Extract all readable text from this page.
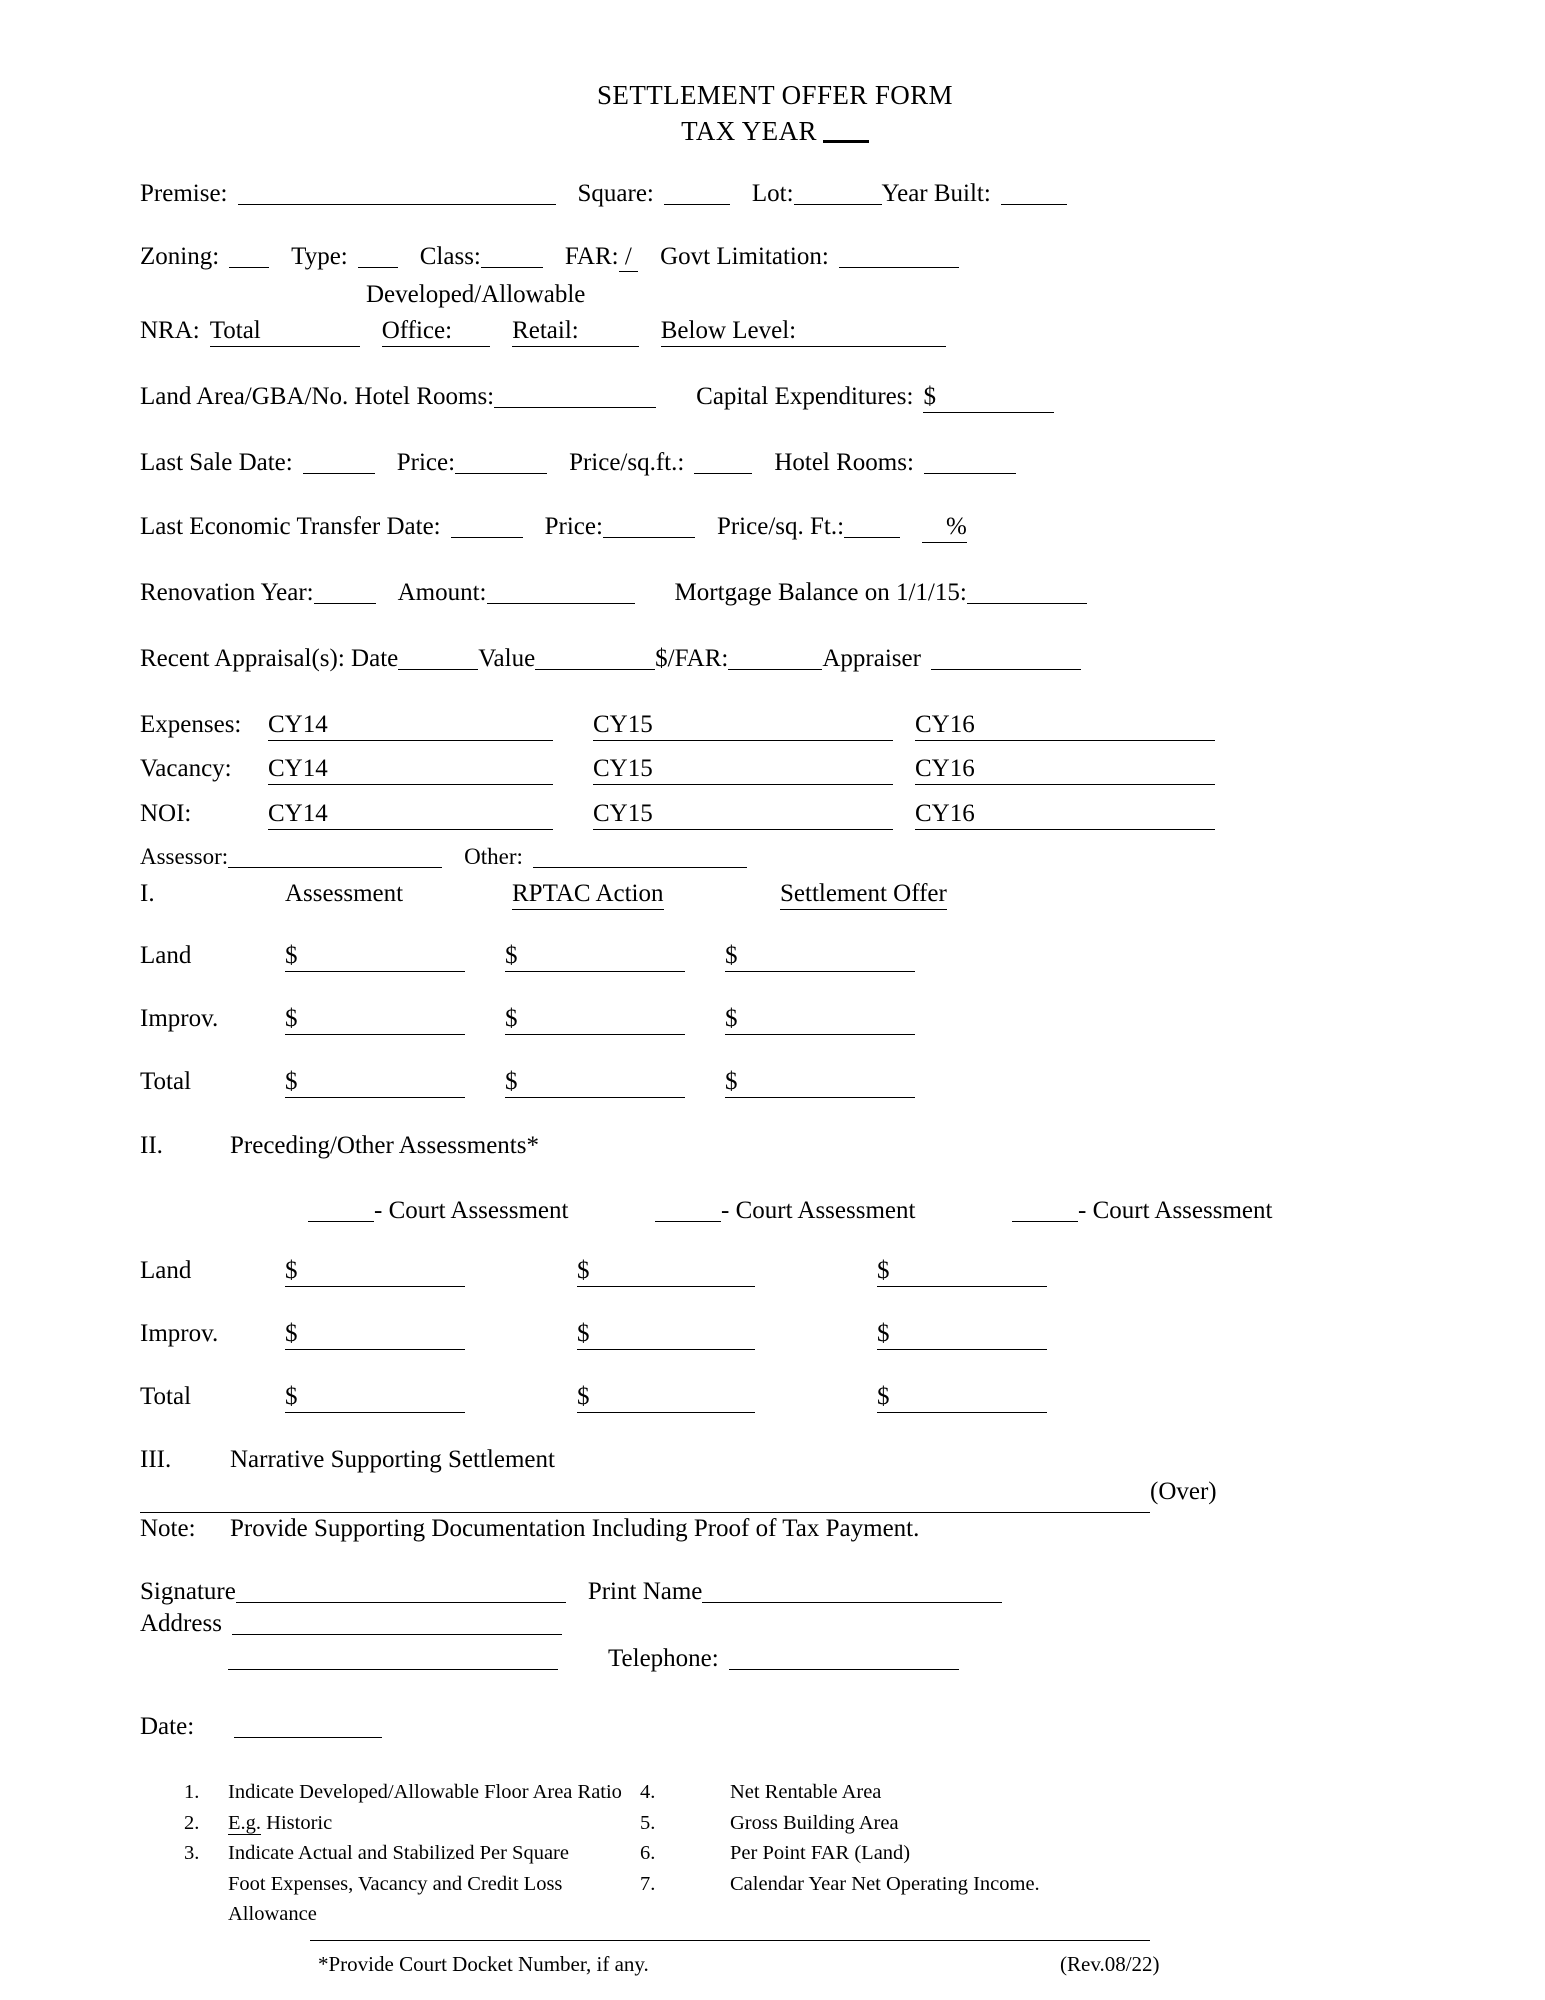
SETTLEMENT OFFER FORM
TAX YEAR
Premise:	Square:	Lot:	Year Built:
Zoning:	Type:	Class:	FAR: / Govt Limitation:
Developed/Allowable
NRA: Total	Office: Retail:	Below Level:
Land Area/GBA/No. Hotel Rooms:	Capital Expenditures: $
Last Sale Date:	Price:	Price/sq.ft.:	Hotel Rooms:
Last Economic Transfer Date:	Price:	Price/sq. Ft.:	%
Renovation Year:	Amount:	Mortgage Balance on 1/1/15:
Recent Appraisal(s): Date	Value	$/FAR:	Appraiser
Expenses: CY14	CY15	CY16
Vacancy: CY14	CY15	CY16
NOI:	CY14	CY15	CY16
Assessor:	Other:
I.	Assessment	RPTAC Action	Settlement Offer
Land	$	$	$
Improv.	$	$	$
Total	$	$	$
II.	Preceding/Other Assessments*
- Court Assessment	- Court Assessment	- Court Assessment
Land	$	$	$
Improv.	$	$	$
Total	$	$	$
III. Narrative Supporting Settlement
(Over)
Note: Provide Supporting Documentation Including Proof of Tax Payment.
Signature	Print Name
Address
Telephone:
Date:
1.	Indicate Developed/Allowable Floor Area Ratio
2.	E.g. Historic
3.	Indicate Actual and Stabilized Per Square
Foot Expenses, Vacancy and Credit Loss
Allowance
4.	Net Rentable Area
5.	Gross Building Area
6.	Per Point FAR (Land)
7.	Calendar Year Net Operating Income.
*Provide Court Docket Number, if any.	(Rev.08/22)
